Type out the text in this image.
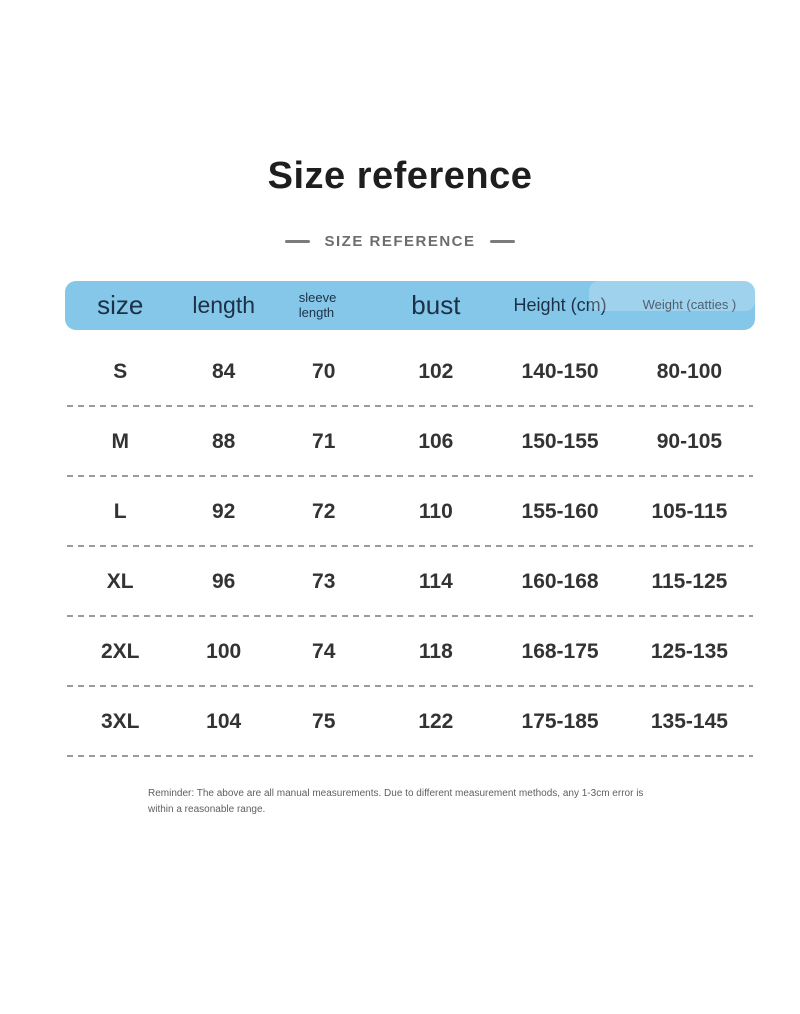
Size reference
SIZE REFERENCE
size	length	sleeve length	bust	Height (cm)	Weight (catties )
S	84	70	102	140-150	80-100
M	88	71	106	150-155	90-105
L	92	72	110	155-160	105-115
XL	96	73	114	160-168	115-125
2XL	100	74	118	168-175	125-135
3XL	104	75	122	175-185	135-145

Reminder: The above are all manual measurements. Due to different measurement methods, any 1-3cm error is within a reasonable range.
